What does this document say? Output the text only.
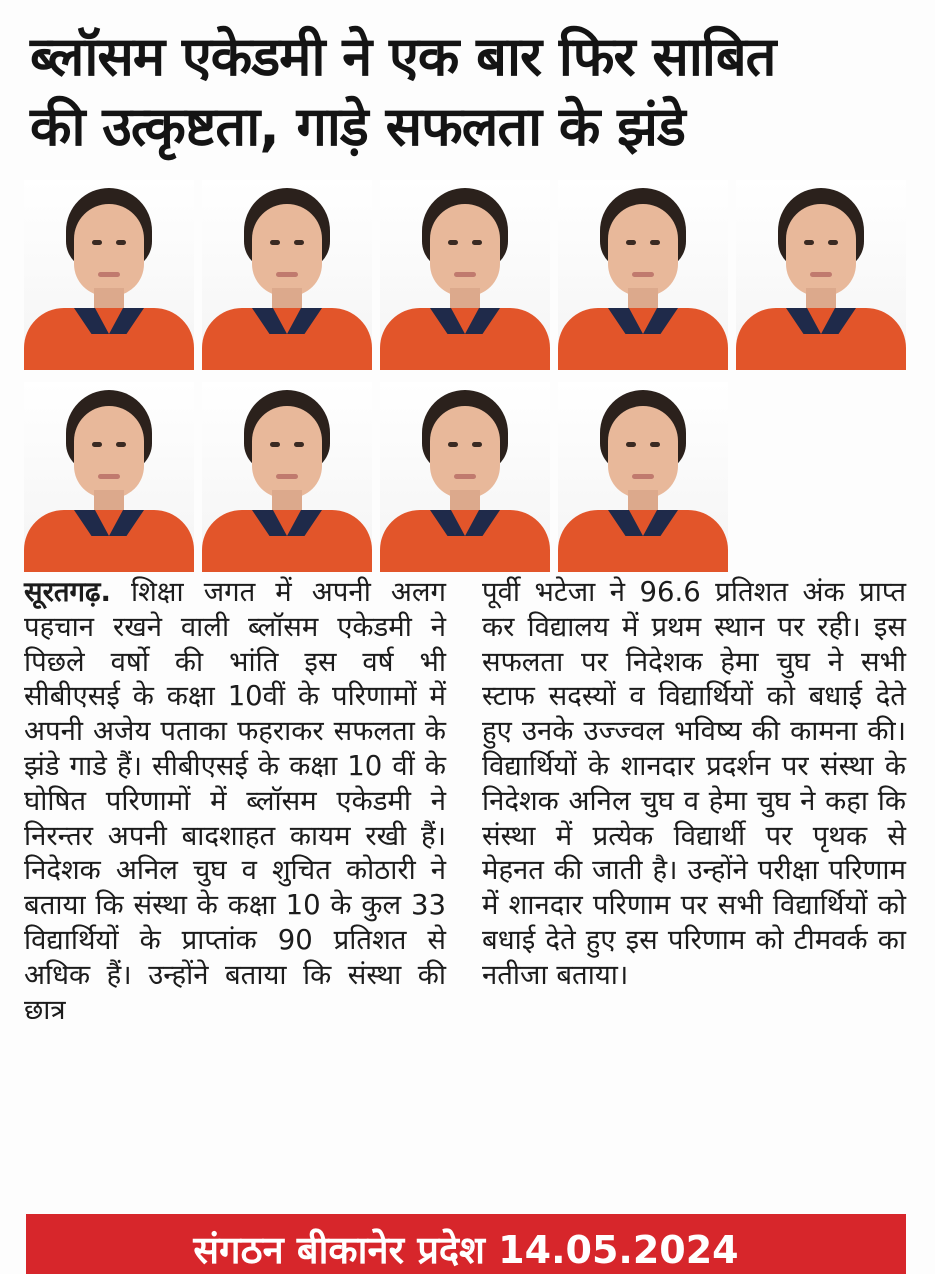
ब्लॉसम एकेडमी ने एक बार फिर साबित
की उत्कृष्टता, गाड़े सफलता के झंडे

सूरतगढ़. शिक्षा जगत में अपनी अलग पहचान रखने वाली ब्लॉसम एकेडमी ने पिछले वर्षो की भांति इस वर्ष भी सीबीएसई के कक्षा 10वीं के परिणामों में अपनी अजेय पताका फहराकर सफलता के झंडे गाडे हैं। सीबीएसई के कक्षा 10 वीं के घोषित परिणामों में ब्लॉसम एकेडमी ने निरन्तर अपनी बादशाहत कायम रखी हैं। निदेशक अनिल चुघ व शुचित कोठारी ने बताया कि संस्था के कक्षा 10 के कुल 33 विद्यार्थियों के प्राप्तांक 90 प्रतिशत से अधिक हैं। उन्होंने बताया कि संस्था की छात्र

पूर्वी भटेजा ने 96.6 प्रतिशत अंक प्राप्त कर विद्यालय में प्रथम स्थान पर रही। इस सफलता पर निदेशक हेमा चुघ ने सभी स्टाफ सदस्यों व विद्यार्थियों को बधाई देते हुए उनके उज्ज्वल भविष्य की कामना की। विद्यार्थियों के शानदार प्रदर्शन पर संस्था के निदेशक अनिल चुघ व हेमा चुघ ने कहा कि संस्था में प्रत्येक विद्यार्थी पर पृथक से मेहनत की जाती है। उन्होंने परीक्षा परिणाम में शानदार परिणाम पर सभी विद्यार्थियों को बधाई देते हुए इस परिणाम को टीमवर्क का नतीजा बताया।

संगठन बीकानेर प्रदेश 14.05.2024
